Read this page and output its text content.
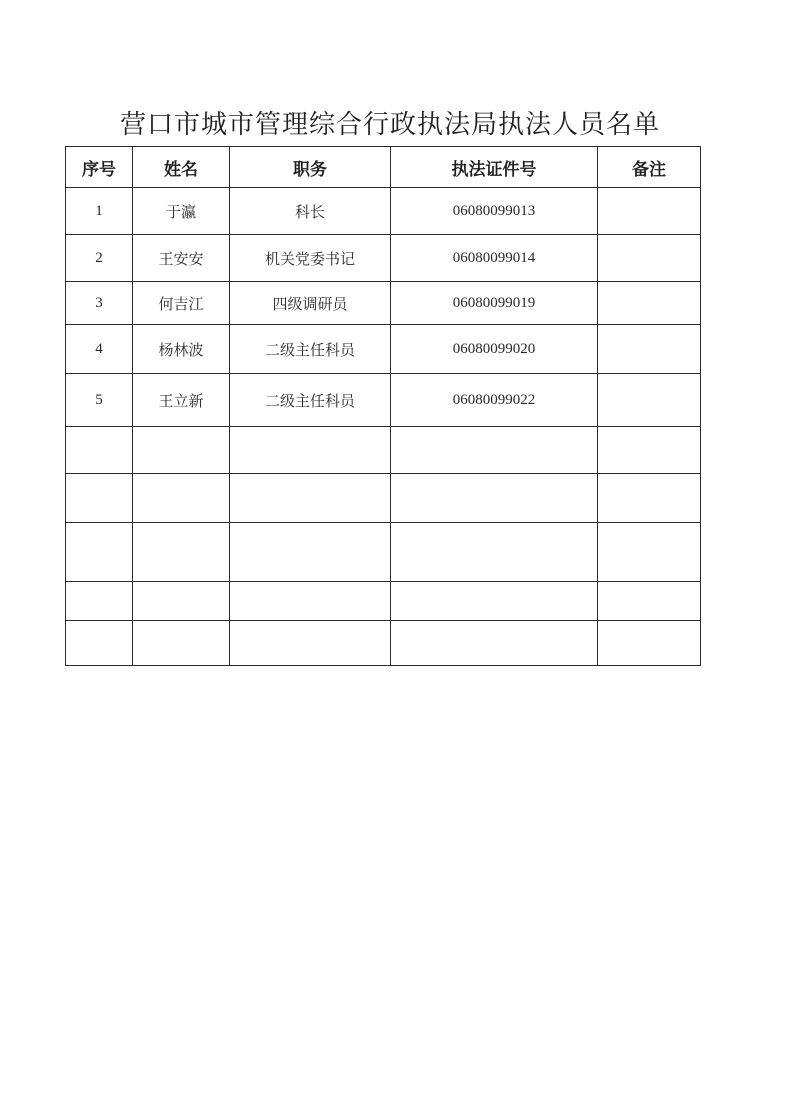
营口市城市管理综合行政执法局执法人员名单
序号	姓名	职务	执法证件号	备注
1	于瀛	科长	06080099013	
2	王安安	机关党委书记	06080099014	
3	何吉江	四级调研员	06080099019	
4	杨林波	二级主任科员	06080099020	
5	王立新	二级主任科员	06080099022	
